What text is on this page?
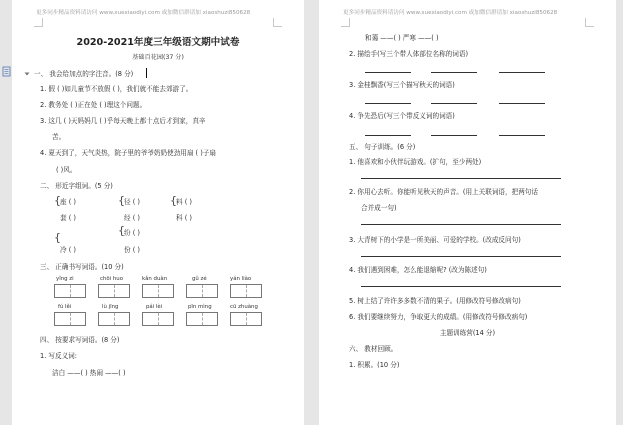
更多同步精品资料请访问 www.xuexiaodiyi.com 或加微信群请加 xiaoshuzi850628
2020-2021年度三年级语文期中试卷
基础百花园(37 分)
一、 我会给加点的字注音。(8 分)
1. 假 ( )如儿童节不放假 ( )，我们就不能去郊游了。
2. 教务处 ( )正在处 ( )理这个问题。
3. 这几 ( )天妈妈几 ( )乎每天晚上都十点后才到家，真辛
苦。
4. 夏天到了，天气炎热，院子里的爷爷奶奶使劲用扇 ( )子扇
( )风。
二、 形近字组词。(5 分)
{	{	{
座 ( )	径 ( )	料 ( )
套 ( )	经 ( )	科 ( )
{
{ 纷 ( )
冷 ( )	份 ( )
三、 正确书写词语。(10 分)
yǐng zi	chōi huo	kǎn duàn	gǔ zé	yán liào
fú lěi	lù jīng	pái lèi	pīn mìng	cū zhuàng
四、 按要求写词语。(8 分)
1. 写反义词:
洁白 ——( ) 热闹 ——( )
更多同步精品资料请访问 www.xuexiaodiyi.com 或加微信群请加 xiaoshuzi850628
和蔼 ——( ) 严寒 ——( )
2. 描绘手(写三个带人体部位名称的词语)
3. 金桂飘香(写三个描写秋天的词语)
4. 争先恐后(写三个带反义词的词语)
五、 句子训练。(6 分)
1. 他喜欢和小伙伴玩游戏。(扩句，至少两处)
2. 你用心去听。你能听见秋天的声音。(用上关联词语，把两句话
合并成一句)
3. 大青树下的小学是一所美丽、可爱的学校。(改成反问句)
4. 我们遇到困难，怎么能退缩呢? (改为陈述句)
5. 树上结了许许多多数不清的果子。(用修改符号修改病句)
6. 我们要继续努力，争取更大的成绩。(用修改符号修改病句)
主题训练营(14 分)
六、 教材回顾。
1. 积累。(10 分)
